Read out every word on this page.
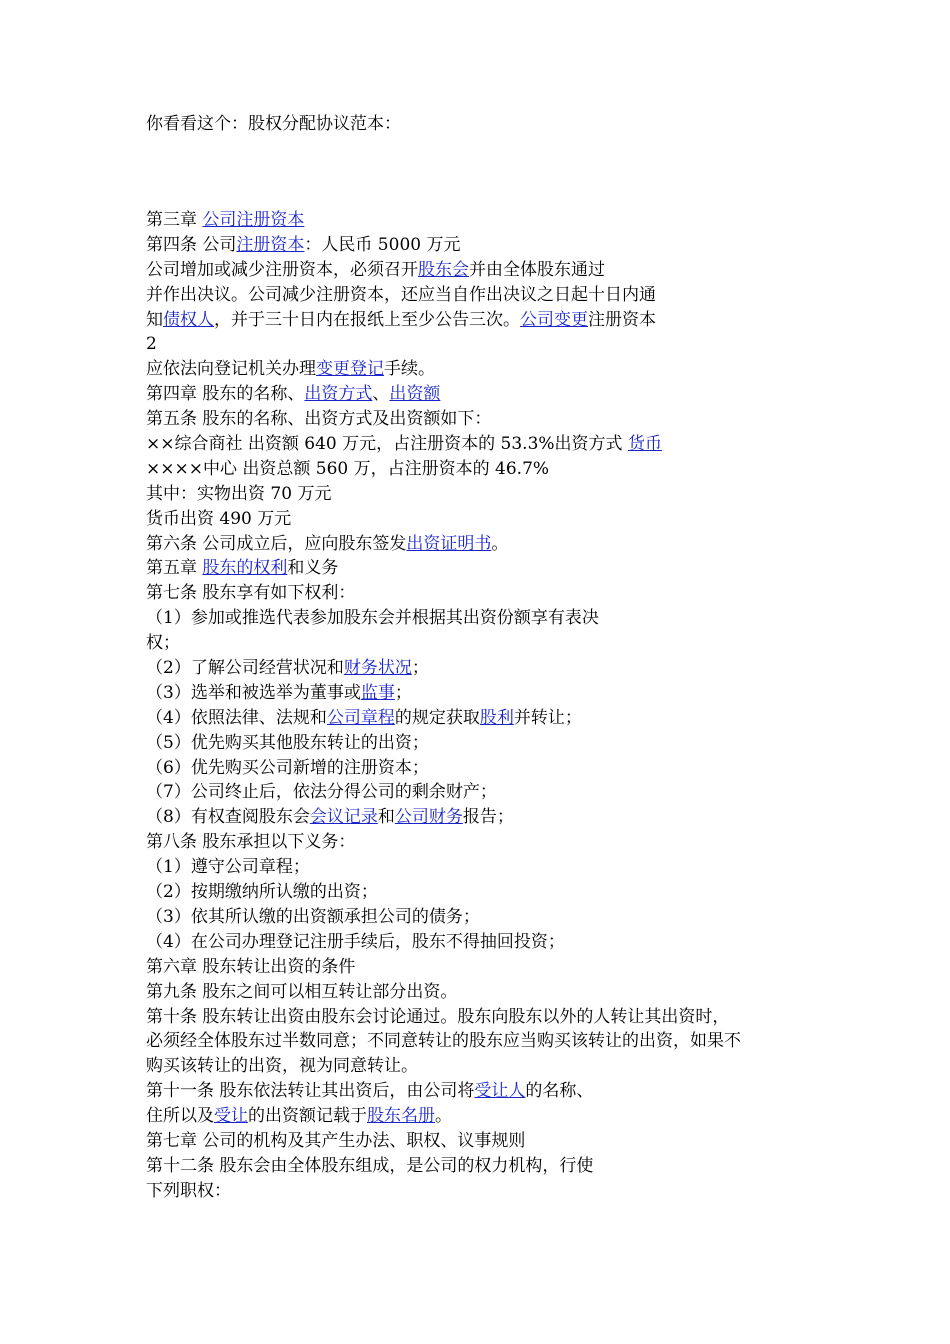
你看看这个：股权分配协议范本：
第三章 公司注册资本
第四条 公司注册资本：人民币 5000 万元
公司增加或减少注册资本，必须召开股东会并由全体股东通过
并作出决议。公司减少注册资本，还应当自作出决议之日起十日内通
知债权人，并于三十日内在报纸上至少公告三次。公司变更注册资本
2
应依法向登记机关办理变更登记手续。
第四章 股东的名称、出资方式、出资额
第五条 股东的名称、出资方式及出资额如下：
××综合商社 出资额 640 万元，占注册资本的 53.3%出资方式 货币
××××中心 出资总额 560 万，占注册资本的 46.7%
其中：实物出资 70 万元
货币出资 490 万元
第六条 公司成立后，应向股东签发出资证明书。
第五章 股东的权利和义务
第七条 股东享有如下权利：
（1）参加或推选代表参加股东会并根据其出资份额享有表决
权；
（2）了解公司经营状况和财务状况；
（3）选举和被选举为董事或监事；
（4）依照法律、法规和公司章程的规定获取股利并转让；
（5）优先购买其他股东转让的出资；
（6）优先购买公司新增的注册资本；
（7）公司终止后，依法分得公司的剩余财产；
（8）有权查阅股东会会议记录和公司财务报告；
第八条 股东承担以下义务：
（1）遵守公司章程；
（2）按期缴纳所认缴的出资；
（3）依其所认缴的出资额承担公司的债务；
（4）在公司办理登记注册手续后，股东不得抽回投资；
第六章 股东转让出资的条件
第九条 股东之间可以相互转让部分出资。
第十条 股东转让出资由股东会讨论通过。股东向股东以外的人转让其出资时，
必须经全体股东过半数同意；不同意转让的股东应当购买该转让的出资，如果不
购买该转让的出资，视为同意转让。
第十一条 股东依法转让其出资后，由公司将受让人的名称、
住所以及受让的出资额记载于股东名册。
第七章 公司的机构及其产生办法、职权、议事规则
第十二条 股东会由全体股东组成，是公司的权力机构，行使
下列职权：
